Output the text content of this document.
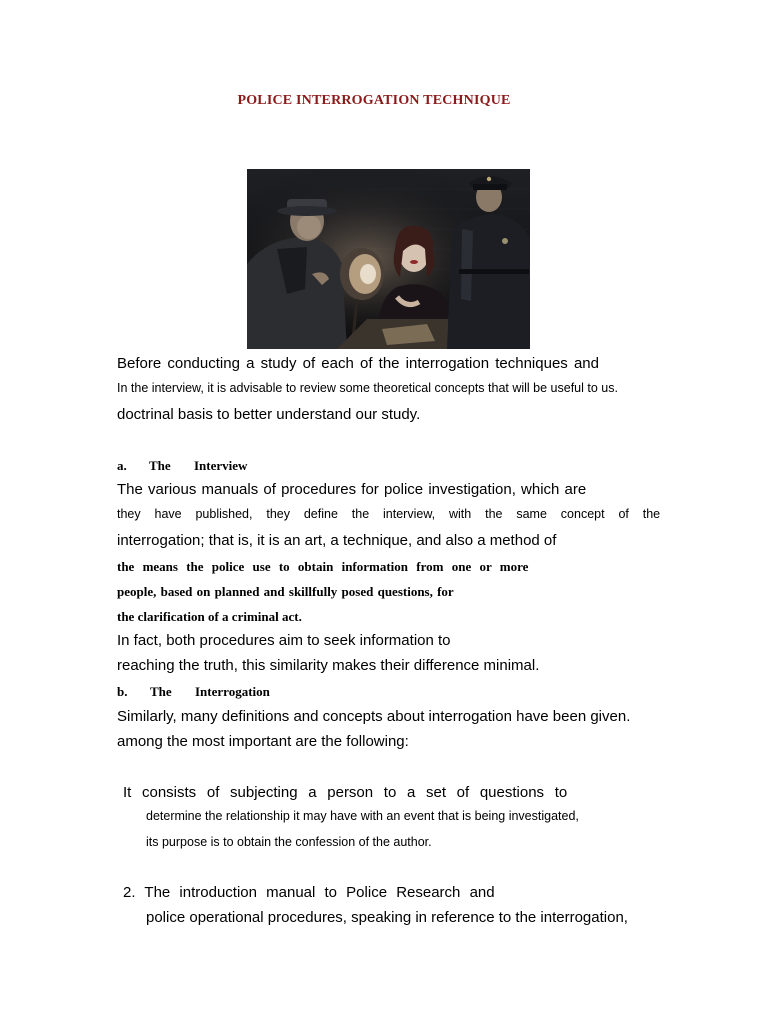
POLICE INTERROGATION TECHNIQUE
Before conducting a study of each of the interrogation techniques and
In the interview, it is advisable to review some theoretical concepts that will be useful to us.
doctrinal basis to better understand our study.
a.	The	Interview
The various manuals of procedures for police investigation, which are
they have published, they define the interview, with the same concept of the
interrogation; that is, it is an art, a technique, and also a method of
the means the police use to obtain information from one or more
people, based on planned and skillfully posed questions, for
the clarification of a criminal act.
In fact, both procedures aim to seek information to
reaching the truth, this similarity makes their difference minimal.
b.	The	Interrogation
Similarly, many definitions and concepts about interrogation have been given.
among the most important are the following:
It consists of subjecting a person to a set of questions to
determine the relationship it may have with an event that is being investigated,
its purpose is to obtain the confession of the author.
2. The introduction manual to Police Research and
police operational procedures, speaking in reference to the interrogation,
